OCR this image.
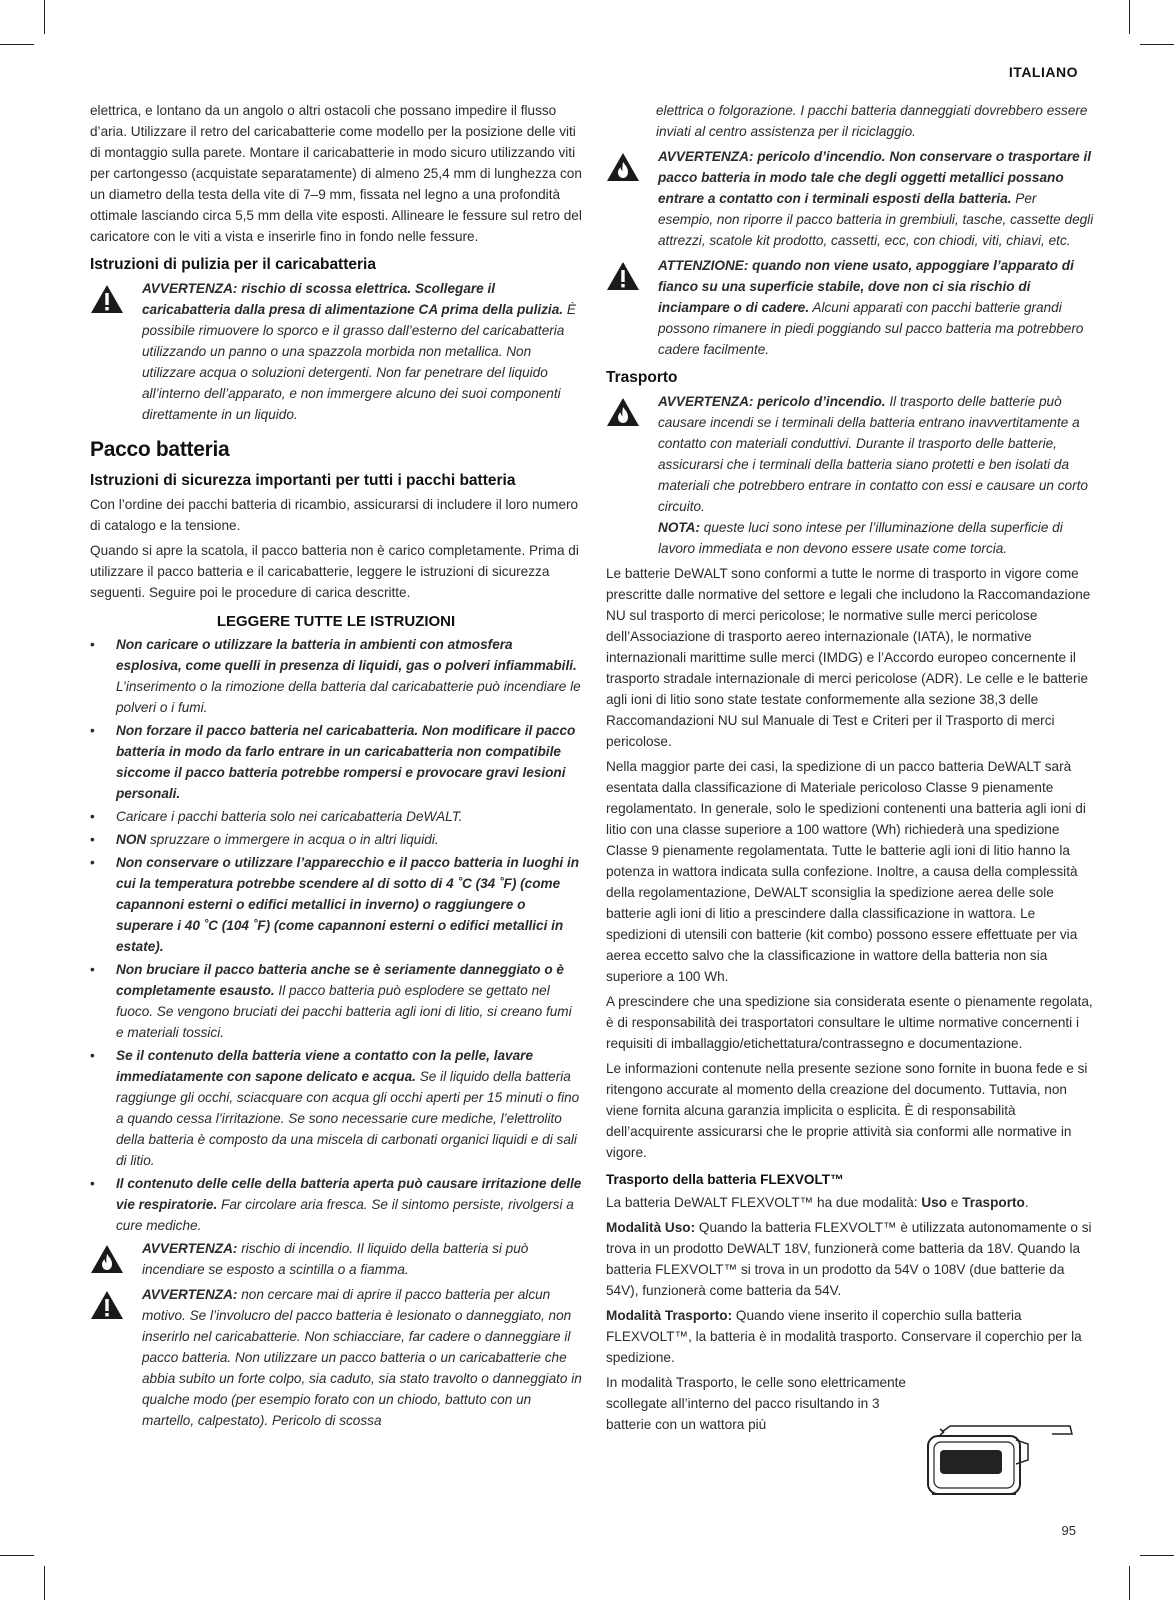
ITALIANO

elettrica, e lontano da un angolo o altri ostacoli che possano impedire il flusso d’aria. Utilizzare il retro del caricabatterie come modello per la posizione delle viti di montaggio sulla parete. Montare il caricabatterie in modo sicuro utilizzando viti per cartongesso (acquistate separatamente) di almeno 25,4 mm di lunghezza con un diametro della testa della vite di 7–9 mm, fissata nel legno a una profondità ottimale lasciando circa 5,5 mm della vite esposti. Allineare le fessure sul retro del caricatore con le viti a vista e inserirle fino in fondo nelle fessure.

Istruzioni di pulizia per il caricabatteria
AVVERTENZA: rischio di scossa elettrica. Scollegare il caricabatteria dalla presa di alimentazione CA prima della pulizia. È possibile rimuovere lo sporco e il grasso dall’esterno del caricabatteria utilizzando un panno o una spazzola morbida non metallica. Non utilizzare acqua o soluzioni detergenti. Non far penetrare del liquido all’interno dell’apparato, e non immergere alcuno dei suoi componenti direttamente in un liquido.
Pacco batteria
Istruzioni di sicurezza importanti per tutti i pacchi batteria

Con l’ordine dei pacchi batteria di ricambio, assicurarsi di includere il loro numero di catalogo e la tensione.

Quando si apre la scatola, il pacco batteria non è carico completamente. Prima di utilizzare il pacco batteria e il caricabatterie, leggere le istruzioni di sicurezza seguenti. Seguire poi le procedure di carica descritte.

LEGGERE TUTTE LE ISTRUZIONI
• Non caricare o utilizzare la batteria in ambienti con atmosfera esplosiva, come quelli in presenza di liquidi, gas o polveri infiammabili. L’inserimento o la rimozione della batteria dal caricabatterie può incendiare le polveri o i fumi.
• Non forzare il pacco batteria nel caricabatteria. Non modificare il pacco batteria in modo da farlo entrare in un caricabatteria non compatibile siccome il pacco batteria potrebbe rompersi e provocare gravi lesioni personali.
• Caricare i pacchi batteria solo nei caricabatteria DeWALT.
• NON spruzzare o immergere in acqua o in altri liquidi.
• Non conservare o utilizzare l’apparecchio e il pacco batteria in luoghi in cui la temperatura potrebbe scendere al di sotto di 4 ˚C (34 ˚F) (come capannoni esterni o edifici metallici in inverno) o raggiungere o superare i 40 ˚C (104 ˚F) (come capannoni esterni o edifici metallici in estate).
• Non bruciare il pacco batteria anche se è seriamente danneggiato o è completamente esausto. Il pacco batteria può esplodere se gettato nel fuoco. Se vengono bruciati dei pacchi batteria agli ioni di litio, si creano fumi e materiali tossici.
• Se il contenuto della batteria viene a contatto con la pelle, lavare immediatamente con sapone delicato e acqua. Se il liquido della batteria raggiunge gli occhi, sciacquare con acqua gli occhi aperti per 15 minuti o fino a quando cessa l’irritazione. Se sono necessarie cure mediche, l’elettrolito della batteria è composto da una miscela di carbonati organici liquidi e di sali di litio.
• Il contenuto delle celle della batteria aperta può causare irritazione delle vie respiratorie. Far circolare aria fresca. Se il sintomo persiste, rivolgersi a cure mediche.
AVVERTENZA: rischio di incendio. Il liquido della batteria si può incendiare se esposto a scintilla o a fiamma.
AVVERTENZA: non cercare mai di aprire il pacco batteria per alcun motivo. Se l’involucro del pacco batteria è lesionato o danneggiato, non inserirlo nel caricabatterie. Non schiacciare, far cadere o danneggiare il pacco batteria. Non utilizzare un pacco batteria o un caricabatterie che abbia subito un forte colpo, sia caduto, sia stato travolto o danneggiato in qualche modo (per esempio forato con un chiodo, battuto con un martello, calpestato). Pericolo di scossa
elettrica o folgorazione. I pacchi batteria danneggiati dovrebbero essere inviati al centro assistenza per il riciclaggio.
AVVERTENZA: pericolo d’incendio. Non conservare o trasportare il pacco batteria in modo tale che degli oggetti metallici possano entrare a contatto con i terminali esposti della batteria. Per esempio, non riporre il pacco batteria in grembiuli, tasche, cassette degli attrezzi, scatole kit prodotto, cassetti, ecc, con chiodi, viti, chiavi, etc.
ATTENZIONE: quando non viene usato, appoggiare l’apparato di fianco su una superficie stabile, dove non ci sia rischio di inciampare o di cadere. Alcuni apparati con pacchi batterie grandi possono rimanere in piedi poggiando sul pacco batteria ma potrebbero cadere facilmente.
Trasporto
AVVERTENZA: pericolo d’incendio. Il trasporto delle batterie può causare incendi se i terminali della batteria entrano inavvertitamente a contatto con materiali conduttivi. Durante il trasporto delle batterie, assicurarsi che i terminali della batteria siano protetti e ben isolati da materiali che potrebbero entrare in contatto con essi e causare un corto circuito.
NOTA: queste luci sono intese per l’illuminazione della superficie di lavoro immediata e non devono essere usate come torcia.

Le batterie DeWALT sono conformi a tutte le norme di trasporto in vigore come prescritte dalle normative del settore e legali che includono la Raccomandazione NU sul trasporto di merci pericolose; le normative sulle merci pericolose dell’Associazione di trasporto aereo internazionale (IATA), le normative internazionali marittime sulle merci (IMDG) e l’Accordo europeo concernente il trasporto stradale internazionale di merci pericolose (ADR). Le celle e le batterie agli ioni di litio sono state testate conformemente alla sezione 38,3 delle Raccomandazioni NU sul Manuale di Test e Criteri per il Trasporto di merci pericolose.

Nella maggior parte dei casi, la spedizione di un pacco batteria DeWALT sarà esentata dalla classificazione di Materiale pericoloso Classe 9 pienamente regolamentato. In generale, solo le spedizioni contenenti una batteria agli ioni di litio con una classe superiore a 100 wattore (Wh) richiederà una spedizione Classe 9 pienamente regolamentata. Tutte le batterie agli ioni di litio hanno la potenza in wattora indicata sulla confezione. Inoltre, a causa della complessità della regolamentazione, DeWALT sconsiglia la spedizione aerea delle sole batterie agli ioni di litio a prescindere dalla classificazione in wattora. Le spedizioni di utensili con batterie (kit combo) possono essere effettuate per via aerea eccetto salvo che la classificazione in wattore della batteria non sia superiore a 100 Wh.

A prescindere che una spedizione sia considerata esente o pienamente regolata, è di responsabilità dei trasportatori consultare le ultime normative concernenti i requisiti di imballaggio/etichettatura/contrassegno e documentazione.

Le informazioni contenute nella presente sezione sono fornite in buona fede e si ritengono accurate al momento della creazione del documento. Tuttavia, non viene fornita alcuna garanzia implicita o esplicita. È di responsabilità dell’acquirente assicurarsi che le proprie attività sia conformi alle normative in vigore.

Trasporto della batteria FLEXVOLT™

La batteria DeWALT FLEXVOLT™ ha due modalità: Uso e Trasporto.

Modalità Uso: Quando la batteria FLEXVOLT™ è utilizzata autonomamente o si trova in un prodotto DeWALT 18V, funzionerà come batteria da 18V. Quando la batteria FLEXVOLT™ si trova in un prodotto da 54V o 108V (due batterie da 54V), funzionerà come batteria da 54V.

Modalità Trasporto: Quando viene inserito il coperchio sulla batteria FLEXVOLT™, la batteria è in modalità trasporto. Conservare il coperchio per la spedizione.

In modalità Trasporto, le celle sono elettricamente scollegate all’interno del pacco risultando in 3 batterie con un wattora più

95
